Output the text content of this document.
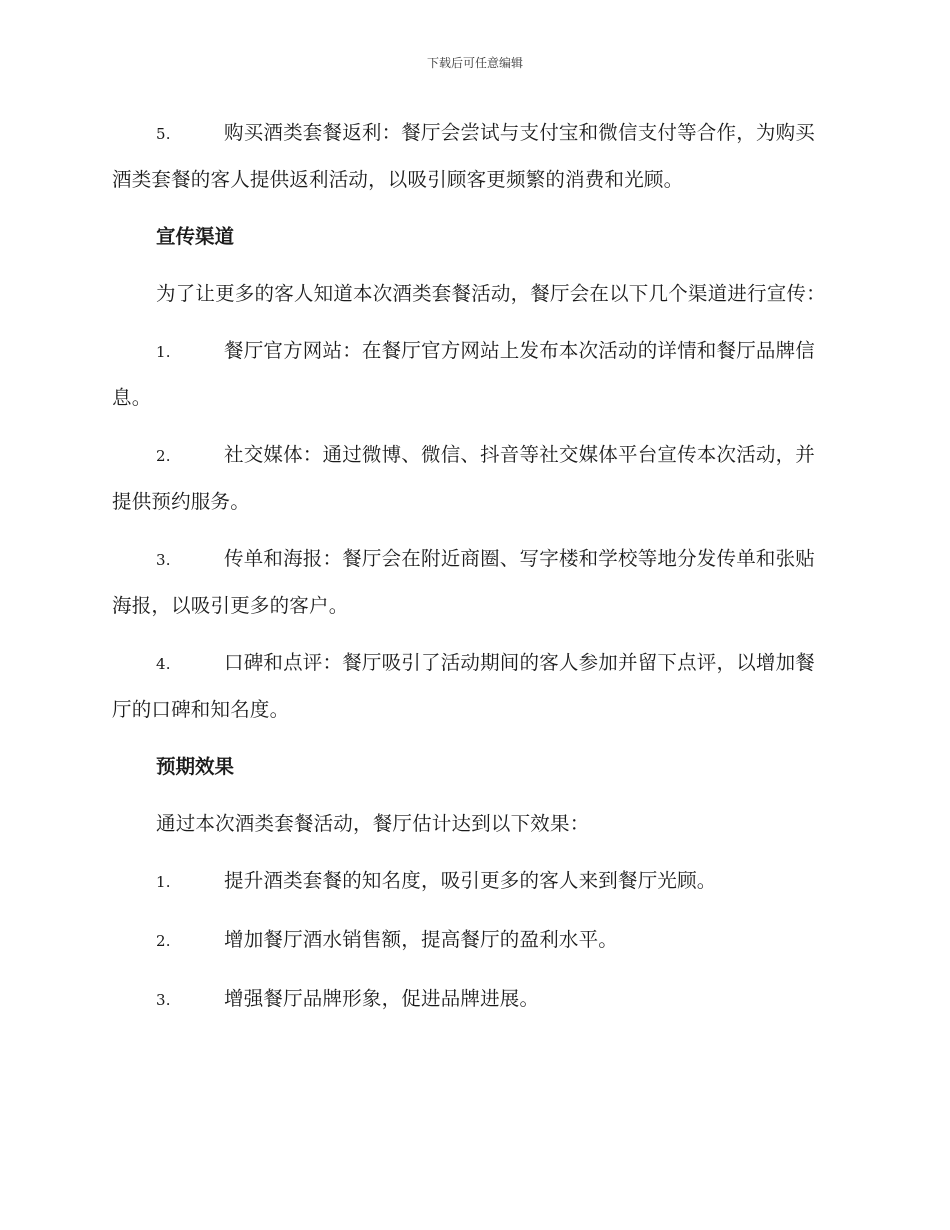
下载后可任意编辑

5.	购买酒类套餐返利：餐厅会尝试与支付宝和微信支付等合作，为购买酒类套餐的客人提供返利活动，以吸引顾客更频繁的消费和光顾。

宣传渠道

为了让更多的客人知道本次酒类套餐活动，餐厅会在以下几个渠道进行宣传：

1.	餐厅官方网站：在餐厅官方网站上发布本次活动的详情和餐厅品牌信息。

2.	社交媒体：通过微博、微信、抖音等社交媒体平台宣传本次活动，并提供预约服务。

3.	传单和海报：餐厅会在附近商圈、写字楼和学校等地分发传单和张贴海报，以吸引更多的客户。

4.	口碑和点评：餐厅吸引了活动期间的客人参加并留下点评，以增加餐厅的口碑和知名度。

预期效果

通过本次酒类套餐活动，餐厅估计达到以下效果：

1.	提升酒类套餐的知名度，吸引更多的客人来到餐厅光顾。

2.	增加餐厅酒水销售额，提高餐厅的盈利水平。

3.	增强餐厅品牌形象，促进品牌进展。
